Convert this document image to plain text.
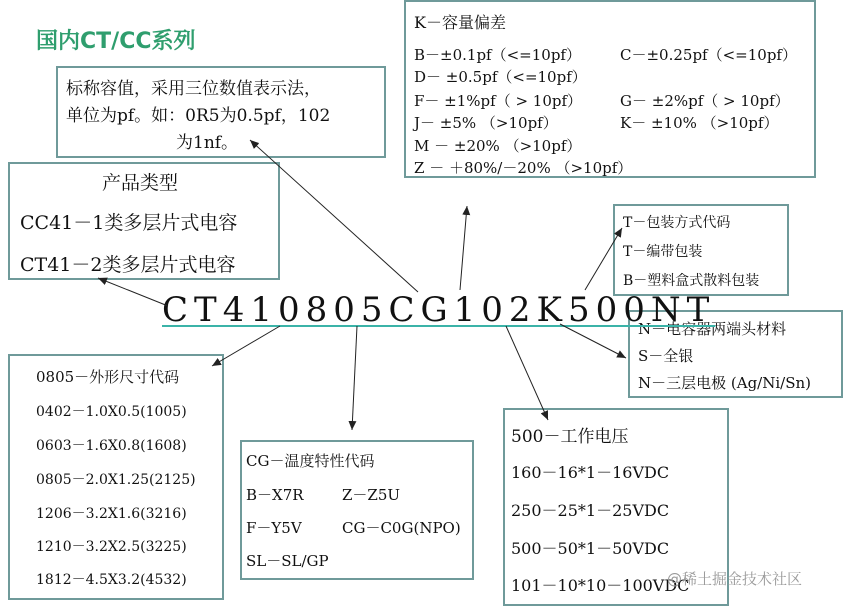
国内CT/CC系列
标称容值，采用三位数值表示法，
单位为pf。如：0R5为0.5pf，102
为1nf。
产品类型
CC41－1类多层片式电容
CT41－2类多层片式电容
K－容量偏差
B－±0.1pf（<=10pf）	C－±0.25pf（<=10pf）
D－ ±0.5pf（<=10pf）
F－ ±1%pf（ > 10pf）	G－ ±2%pf（ > 10pf）
J－ ±5% （>10pf）	K－ ±10% （>10pf）
M － ±20% （>10pf）
Z － ＋80%/－20% （>10pf）
T－包装方式代码
T－编带包装
B－塑料盒式散料包装
N－电容器两端头材料
S－全银
N－三层电极 (Ag/Ni/Sn)
0805－外形尺寸代码
0402－1.0X0.5(1005)
0603－1.6X0.8(1608)
0805－2.0X1.25(2125)
1206－3.2X1.6(3216)
1210－3.2X2.5(3225)
1812－4.5X3.2(4532)
CG－温度特性代码
B－X7R	Z－Z5U
F－Y5V	CG－C0G(NPO)
SL－SL/GP
500－工作电压
160－16*1－16VDC
250－25*1－25VDC
500－50*1－50VDC
101－10*10－100VDC
CT410805CG102K500NT
@稀土掘金技术社区
